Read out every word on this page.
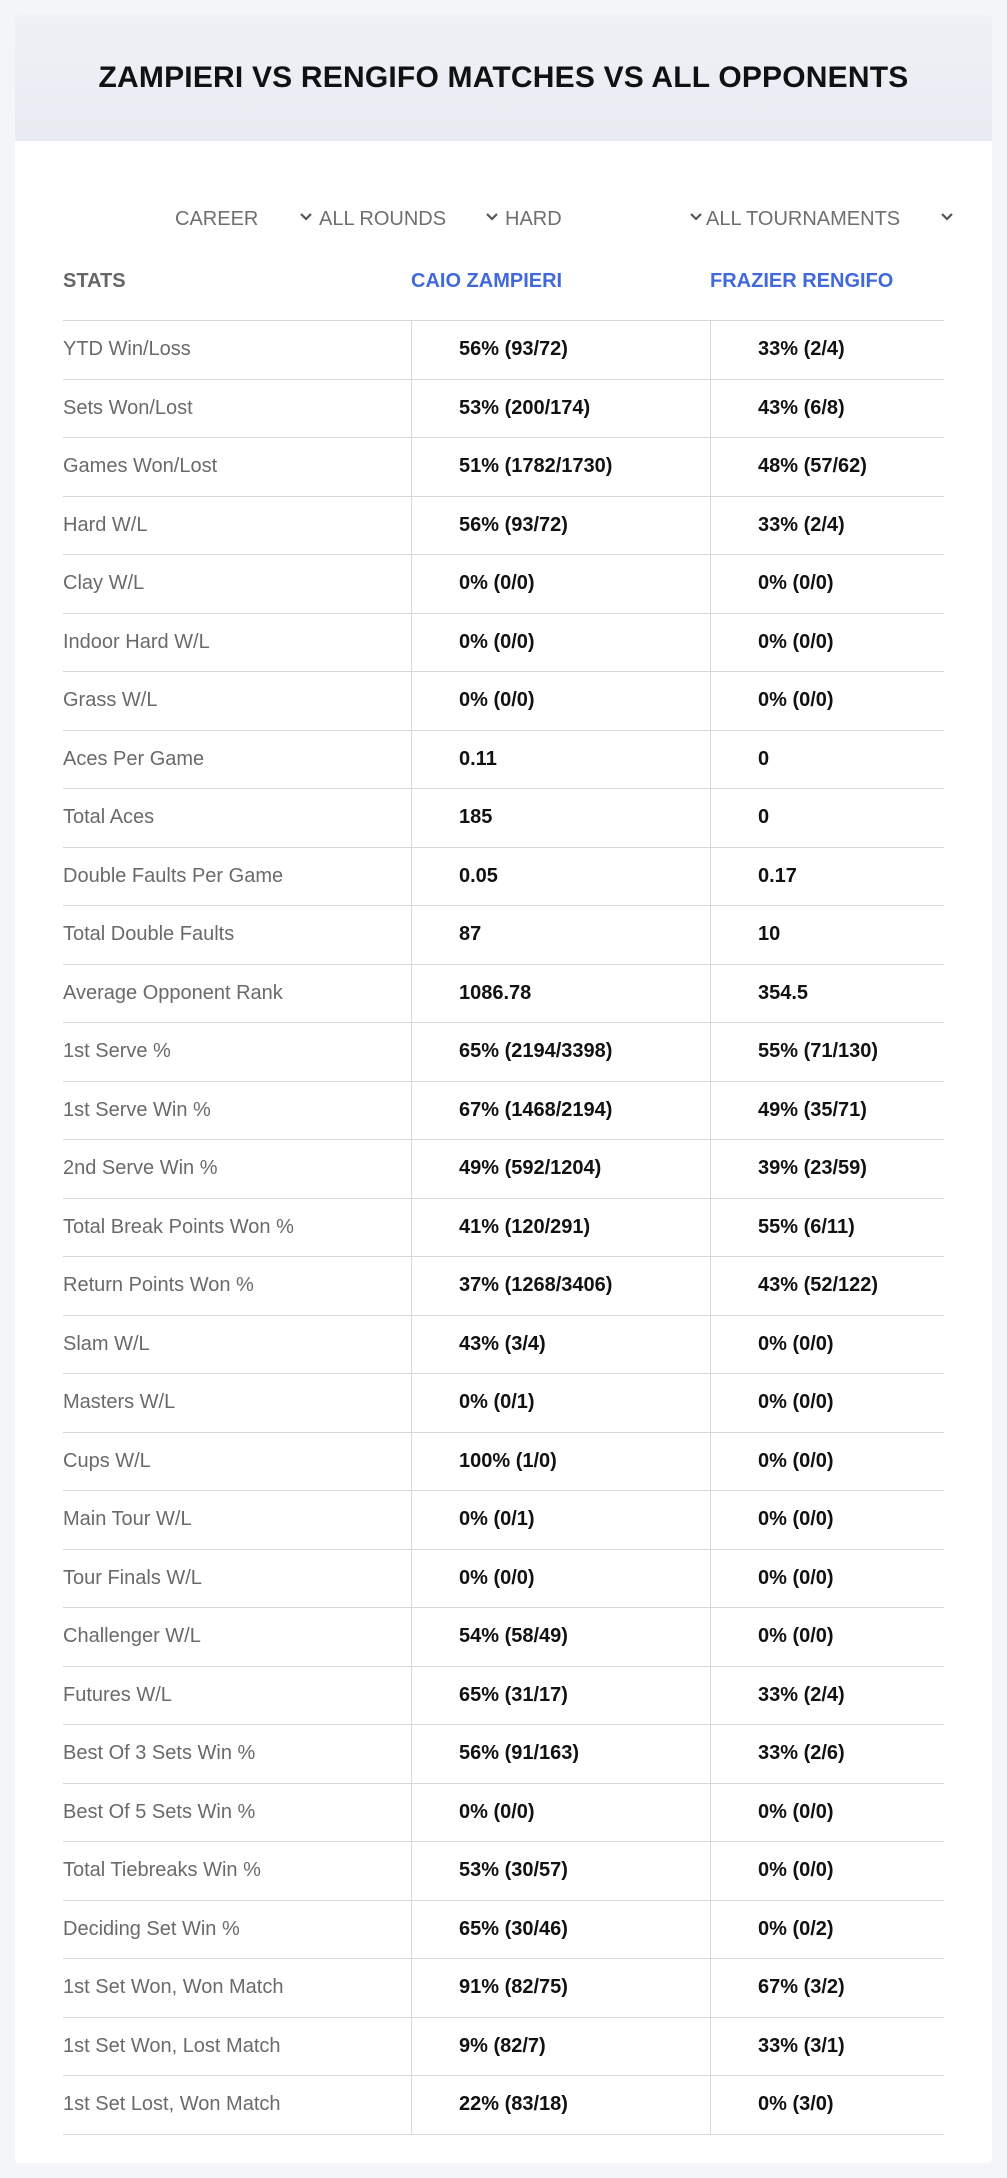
ZAMPIERI VS RENGIFO MATCHES VS ALL OPPONENTS
CAREER	ALL ROUNDS	HARD	ALL TOURNAMENTS
STATS	CAIO ZAMPIERI	FRAZIER RENGIFO
YTD Win/Loss	56% (93/72)	33% (2/4)
Sets Won/Lost	53% (200/174)	43% (6/8)
Games Won/Lost	51% (1782/1730)	48% (57/62)
Hard W/L	56% (93/72)	33% (2/4)
Clay W/L	0% (0/0)	0% (0/0)
Indoor Hard W/L	0% (0/0)	0% (0/0)
Grass W/L	0% (0/0)	0% (0/0)
Aces Per Game	0.11	0
Total Aces	185	0
Double Faults Per Game	0.05	0.17
Total Double Faults	87	10
Average Opponent Rank	1086.78	354.5
1st Serve %	65% (2194/3398)	55% (71/130)
1st Serve Win %	67% (1468/2194)	49% (35/71)
2nd Serve Win %	49% (592/1204)	39% (23/59)
Total Break Points Won %	41% (120/291)	55% (6/11)
Return Points Won %	37% (1268/3406)	43% (52/122)
Slam W/L	43% (3/4)	0% (0/0)
Masters W/L	0% (0/1)	0% (0/0)
Cups W/L	100% (1/0)	0% (0/0)
Main Tour W/L	0% (0/1)	0% (0/0)
Tour Finals W/L	0% (0/0)	0% (0/0)
Challenger W/L	54% (58/49)	0% (0/0)
Futures W/L	65% (31/17)	33% (2/4)
Best Of 3 Sets Win %	56% (91/163)	33% (2/6)
Best Of 5 Sets Win %	0% (0/0)	0% (0/0)
Total Tiebreaks Win %	53% (30/57)	0% (0/0)
Deciding Set Win %	65% (30/46)	0% (0/2)
1st Set Won, Won Match	91% (82/75)	67% (3/2)
1st Set Won, Lost Match	9% (82/7)	33% (3/1)
1st Set Lost, Won Match	22% (83/18)	0% (3/0)
